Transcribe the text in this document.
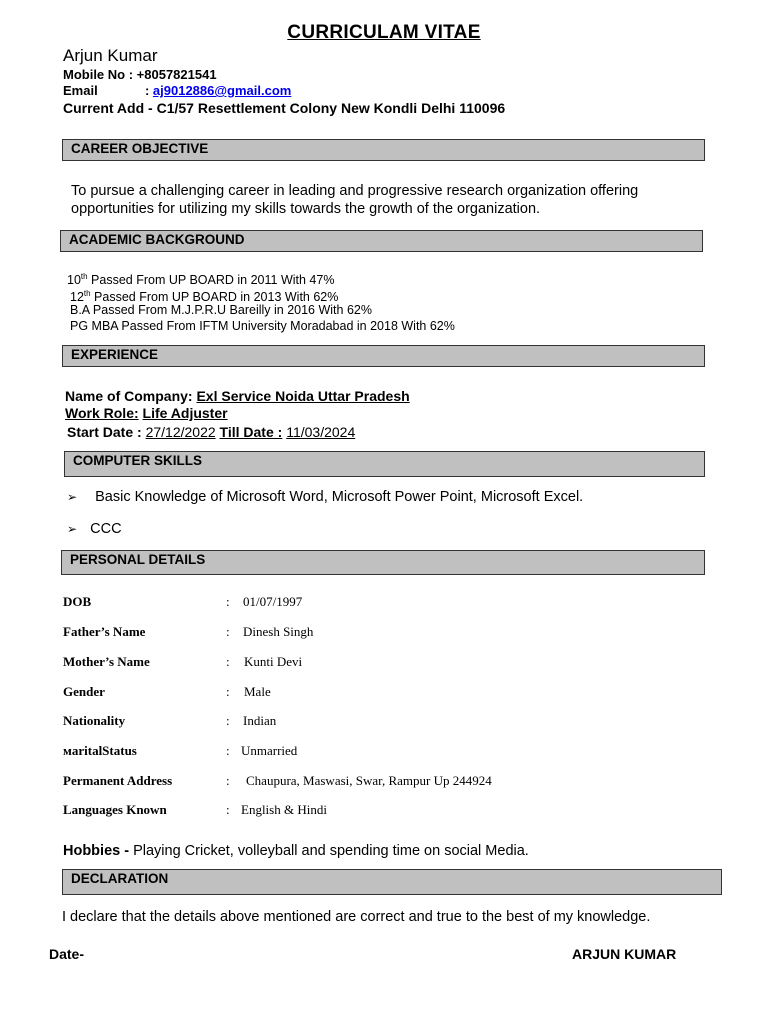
CURRICULAM VITAE
Arjun Kumar
Mobile No : +8057821541
Email	: aj9012886@gmail.com
Current Add - C1/57 Resettlement Colony New Kondli Delhi 110096
CAREER OBJECTIVE
To pursue a challenging career in leading and progressive research organization offering
opportunities for utilizing my skills towards the growth of the organization.
ACADEMIC BACKGROUND
10th Passed From UP BOARD in 2011 With 47%
12th Passed From UP BOARD in 2013 With 62%
B.A Passed From M.J.P.R.U Bareilly in 2016 With 62%
PG MBA Passed From IFTM University Moradabad in 2018 With 62%
EXPERIENCE
Name of Company: Exl Service Noida Uttar Pradesh
Work Role: Life Adjuster
Start Date : 27/12/2022 Till Date : 11/03/2024
COMPUTER SKILLS
➢ Basic Knowledge of Microsoft Word, Microsoft Power Point, Microsoft Excel.
➢ CCC
PERSONAL DETAILS
DOB	: 01/07/1997
Father’s Name	: Dinesh Singh
Mother’s Name	: Kunti Devi
Gender	: Male
Nationality	: Indian
ᴍaritalStatus	: Unmarried
Permanent Address	: Chaupura, Maswasi, Swar, Rampur Up 244924
Languages Known	: English & Hindi
Hobbies - Playing Cricket, volleyball and spending time on social Media.
DECLARATION
I declare that the details above mentioned are correct and true to the best of my knowledge.
Date-	ARJUN KUMAR
